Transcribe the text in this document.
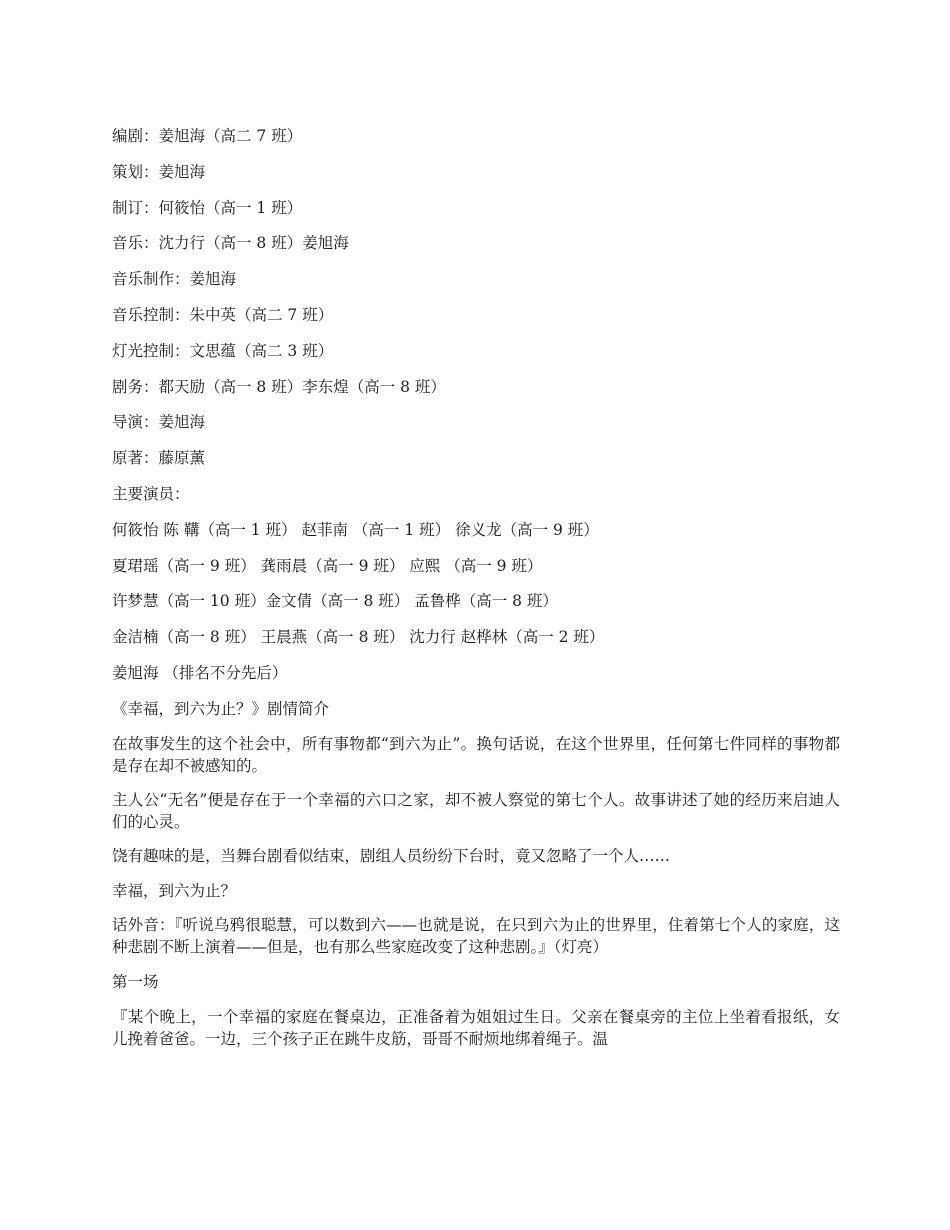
编剧：姜旭海（高二 7 班）
策划：姜旭海
制订：何筱怡（高一 1 班）
音乐：沈力行（高一 8 班）姜旭海
音乐制作：姜旭海
音乐控制：朱中英（高二 7 班）
灯光控制：文思蕴（高二 3 班）
剧务：都天励（高一 8 班）李东煌（高一 8 班）
导演：姜旭海
原著：藤原薰
主要演员：
何筱怡 陈 鞲（高一 1 班） 赵菲南 （高一 1 班） 徐义龙（高一 9 班）
夏珺瑶（高一 9 班） 龚雨晨（高一 9 班） 应熙 （高一 9 班）
许梦慧（高一 10 班）金文倩（高一 8 班） 孟鲁桦（高一 8 班）
金洁楠（高一 8 班） 王晨燕（高一 8 班） 沈力行 赵桦林（高一 2 班）
姜旭海 （排名不分先后）
《幸福，到六为止？》剧情简介
在故事发生的这个社会中，所有事物都“到六为止”。换句话说，在这个世界里，任何第七件同样的事物都是存在却不被感知的。
主人公“无名”便是存在于一个幸福的六口之家，却不被人察觉的第七个人。故事讲述了她的经历来启迪人们的心灵。
饶有趣味的是，当舞台剧看似结束，剧组人员纷纷下台时，竟又忽略了一个人……
幸福，到六为止？
话外音：『听说乌鸦很聪慧，可以数到六——也就是说，在只到六为止的世界里，住着第七个人的家庭，这种悲剧不断上演着——但是，也有那么些家庭改变了这种悲剧。』（灯亮）
第一场
『某个晚上，一个幸福的家庭在餐桌边，正准备着为姐姐过生日。父亲在餐桌旁的主位上坐着看报纸，女儿挽着爸爸。一边，三个孩子正在跳牛皮筋，哥哥不耐烦地绑着绳子。温
